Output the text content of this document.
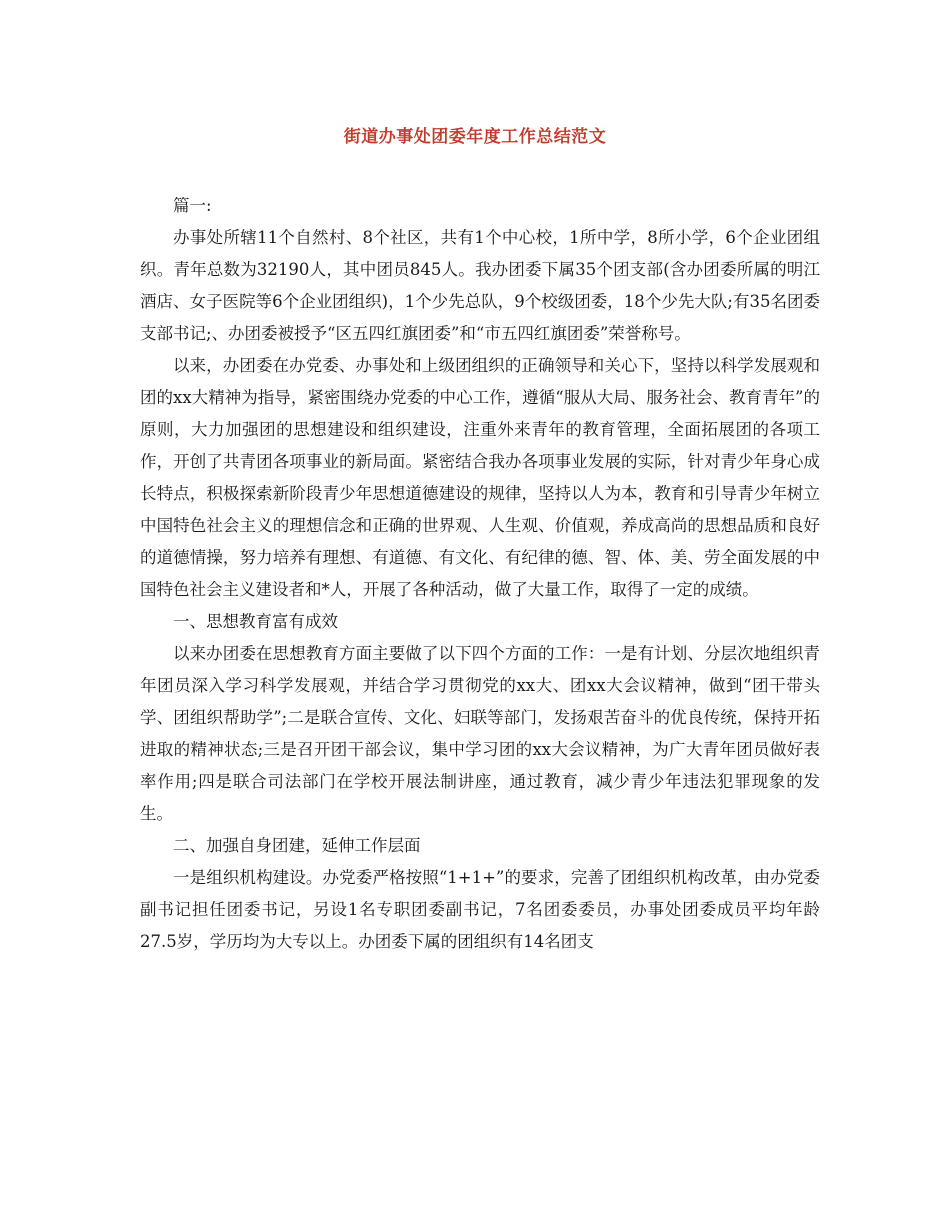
街道办事处团委年度工作总结范文

篇一:

办事处所辖11个自然村、8个社区，共有1个中心校，1所中学，8所小学，6个企业团组织。青年总数为32190人，其中团员845人。我办团委下属35个团支部(含办团委所属的明江酒店、女子医院等6个企业团组织)，1个少先总队，9个校级团委，18个少先大队;有35名团委支部书记;、办团委被授予“区五四红旗团委”和“市五四红旗团委”荣誉称号。

以来，办团委在办党委、办事处和上级团组织的正确领导和关心下，坚持以科学发展观和团的xx大精神为指导，紧密围绕办党委的中心工作，遵循“服从大局、服务社会、教育青年”的原则，大力加强团的思想建设和组织建设，注重外来青年的教育管理，全面拓展团的各项工作，开创了共青团各项事业的新局面。紧密结合我办各项事业发展的实际，针对青少年身心成长特点，积极探索新阶段青少年思想道德建设的规律，坚持以人为本，教育和引导青少年树立中国特色社会主义的理想信念和正确的世界观、人生观、价值观，养成高尚的思想品质和良好的道德情操，努力培养有理想、有道德、有文化、有纪律的德、智、体、美、劳全面发展的中国特色社会主义建设者和*人，开展了各种活动，做了大量工作，取得了一定的成绩。

一、思想教育富有成效

以来办团委在思想教育方面主要做了以下四个方面的工作：一是有计划、分层次地组织青年团员深入学习科学发展观，并结合学习贯彻党的xx大、团xx大会议精神，做到“团干带头学、团组织帮助学”;二是联合宣传、文化、妇联等部门，发扬艰苦奋斗的优良传统，保持开拓进取的精神状态;三是召开团干部会议，集中学习团的xx大会议精神，为广大青年团员做好表率作用;四是联合司法部门在学校开展法制讲座，通过教育，减少青少年违法犯罪现象的发生。

二、加强自身团建，延伸工作层面

一是组织机构建设。办党委严格按照“1+1+”的要求，完善了团组织机构改革，由办党委副书记担任团委书记，另设1名专职团委副书记，7名团委委员，办事处团委成员平均年龄27.5岁，学历均为大专以上。办团委下属的团组织有14名团支
